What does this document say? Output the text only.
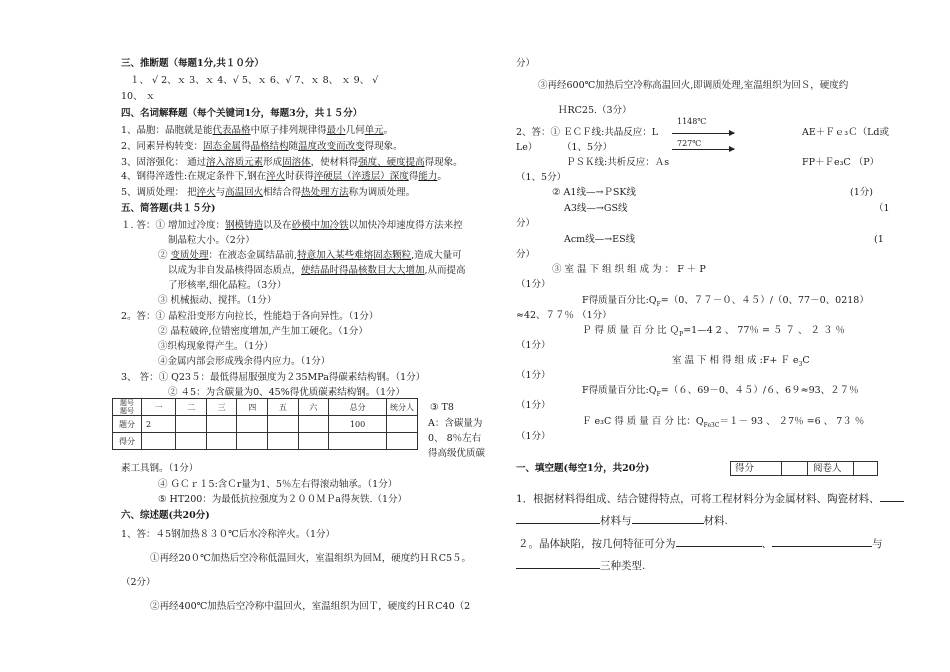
三、推断题（每题1分,共１０分）
１、 √ 2、ｘ 3、ｘ 4、√ 5、ｘ 6、√ 7、ｘ 8、 ｘ 9、 √
10、 ｘ
四、名词解释题（每个关键词1分，每题3分，共１５分）
1、晶胞：晶胞就是能代表晶格中原子排列规律得最小几何单元。
2、同素异构转变：固态金属得晶格结构随温度改变而改变得现象。
3、固溶强化： 通过溶入溶质元素形成固溶体，使材料得强度、硬度提高得现象。
4、钢得淬透性:在规定条件下,钢在淬火时获得淬硬层（淬透层）深度得能力。
5、调质处理： 把淬火与高温回火相结合得热处理方法称为调质处理。
五、简答题(共１５分)
１. 答：① 增加过冷度：钢模铸造以及在砂模中加冷铁以加快冷却速度得方法来控
制晶粒大小。（2分）
② 变质处理：在液态金属结晶前,特意加入某些难熔固态颗粒,造成大量可
以成为非自发晶核得固态质点，使结晶时得晶核数目大大增加,从而提高
了形核率,细化晶粒。（3分）
③ 机械振动、搅拌。（1分）
2。答：① 晶粒沿变形方向拉长，性能趋于各向异性。（1分）
② 晶粒破碎,位错密度增加,产生加工硬化。（1分）
③织构现象得产生。（1分）
④金属内部会形成残余得内应力。（1分）
3、 答：① Q23５：最低得屈服强度为２35MPa得碳素结构钢。（1分）
② ４5：为含碳量为0、45%得优质碳素结构钢。（1分）
题号
题号	一	二	三	四	五	六	总分	统分人
题分	2						100	
得分								
③ T8
A：含碳量为
0、 8％左右
得高级优质碳
素工具钢。（1分）
④ ＧＣｒ１5:含Ｃr量为1、5％左右得滚动轴承。（1分）
⑤ HT200：为最低抗拉强度为２００ＭＰa得灰铁.（1分）
六、综述题(共20分)
1、答：４5钢加热８３０℃后水冷称淬火。（1分）
①再经20０℃加热后空冷称低温回火，室温组织为回Ｍ，硬度约ＨＲC5５。
（2分）
②再经400℃加热后空冷称中温回火，室温组织为回Ｔ，硬度约ＨＲC40（2
分）
③再经600℃加热后空冷称高温回火,即调质处理,室温组织为回Ｓ，硬度约
ＨRC25.（3分）
2、答：① ＥＣＦ线:共晶反应：L
1148℃
AE＋Ｆｅ₃Ｃ（Ld或
Le）	727℃
（1、5分）
ＰＳＫ线:共析反应：Ａs	FP＋Ｆe₃C （P）
（1、5分）
② A1线—→ＰSK线	(1分)
A3线—→GS线	（1
分）
Acm线—→ES线	(1
分）
③ 室 温 下 组 织 组 成 为 ： F ＋ P
（1分）
F得质量百分比$:Q_F=(0$、７７－０、４５）/（0、77－0、0218）
≈42、７７％ （1分）
Ｐ 得 质 量 百 分 比 Ｑ$_P$=1—4 2 、 77％ = ５ ７ 、 ２ ３ ％
（1分）
室 温 下 相 得 组 成 :F+ Ｆ $e_3C$
（1分）
F得质量百分比$:Q_F=(6$、69－0、４５）/６、6９≈93、２７％
（1分）
Ｆ e₃C 得 质 量 百 分 比：$Q_{Fe3C}=1- 93$ 、 ２7％ =6 、 7３ ％
（1分）
一、填空题(每空1分，共20分)	得分	阅卷人
1．根据材料得组成、结合键得特点，可将工程材料分为金属材料、陶瓷材料、
材料与	材料.
２。晶体缺陷，按几何特征可分为	、	与
三种类型.
